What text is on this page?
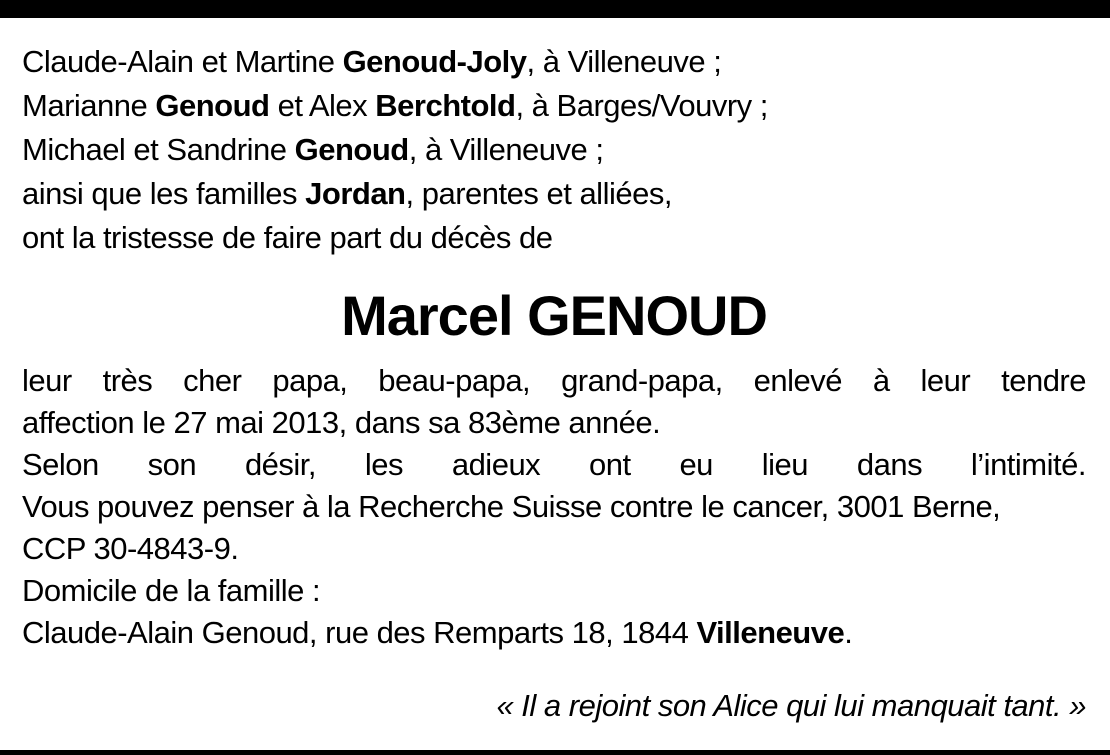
Claude-Alain et Martine Genoud-Joly, à Villeneuve ;
Marianne Genoud et Alex Berchtold, à Barges/Vouvry ;
Michael et Sandrine Genoud, à Villeneuve ;
ainsi que les familles Jordan, parentes et alliées,
ont la tristesse de faire part du décès de
Marcel GENOUD
leur très cher papa, beau-papa, grand-papa, enlevé à leur tendre
affection le 27 mai 2013, dans sa 83ème année.
Selon son désir, les adieux ont eu lieu dans l’intimité.
Vous pouvez penser à la Recherche Suisse contre le cancer, 3001 Berne,
CCP 30-4843-9.
Domicile de la famille :
Claude-Alain Genoud, rue des Remparts 18, 1844 Villeneuve.
« Il a rejoint son Alice qui lui manquait tant. »
